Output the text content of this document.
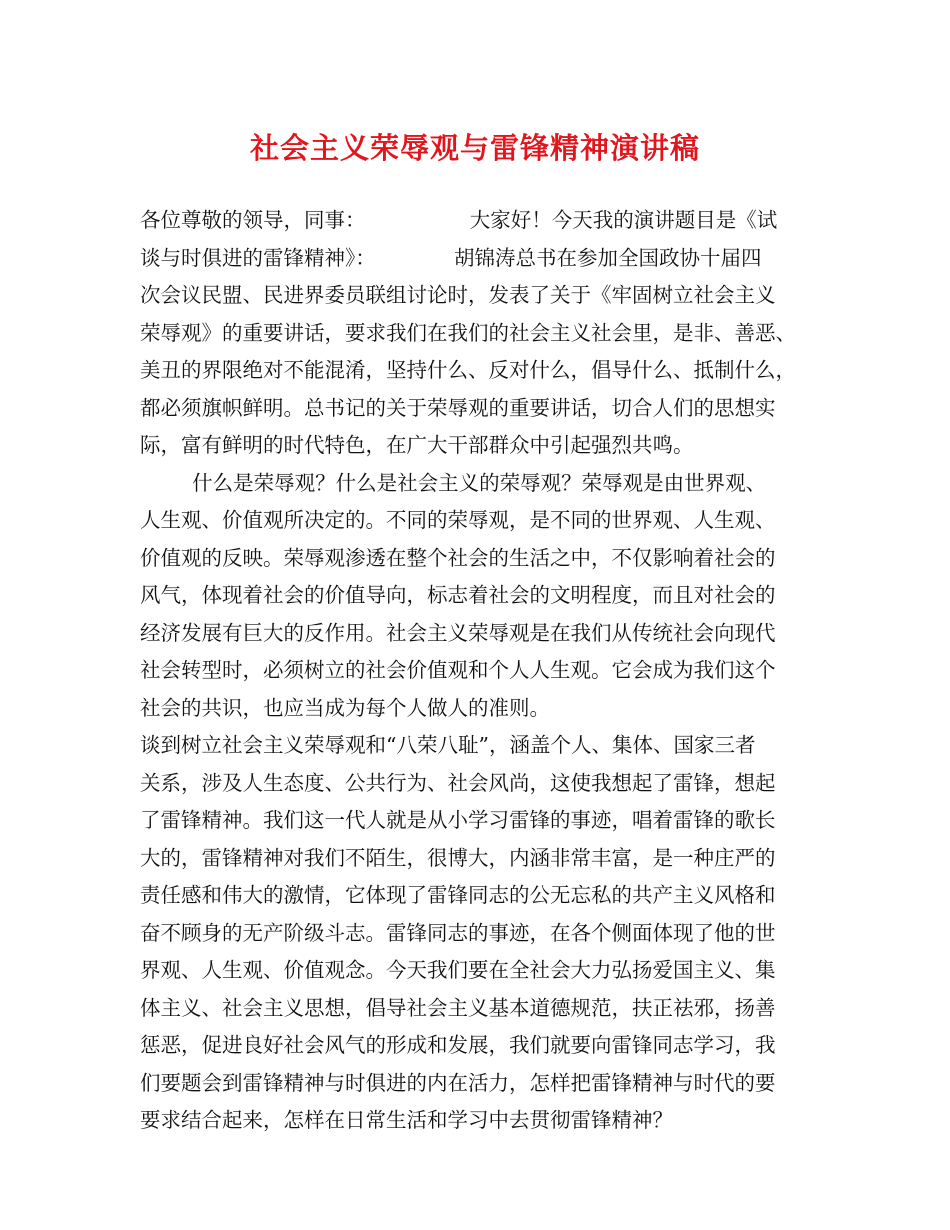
社会主义荣辱观与雷锋精神演讲稿
各位尊敬的领导，同事：                大家好！今天我的演讲题目是《试
谈与时俱进的雷锋精神》：            胡锦涛总书在参加全国政协十届四
次会议民盟、民进界委员联组讨论时，发表了关于《牢固树立社会主义
荣辱观》的重要讲话，要求我们在我们的社会主义社会里，是非、善恶、
美丑的界限绝对不能混淆，坚持什么、反对什么，倡导什么、抵制什么，
都必须旗帜鲜明。总书记的关于荣辱观的重要讲话，切合人们的思想实
际，富有鲜明的时代特色，在广大干部群众中引起强烈共鸣。
什么是荣辱观？什么是社会主义的荣辱观？荣辱观是由世界观、
人生观、价值观所决定的。不同的荣辱观，是不同的世界观、人生观、
价值观的反映。荣辱观渗透在整个社会的生活之中，不仅影响着社会的
风气，体现着社会的价值导向，标志着社会的文明程度，而且对社会的
经济发展有巨大的反作用。社会主义荣辱观是在我们从传统社会向现代
社会转型时，必须树立的社会价值观和个人人生观。它会成为我们这个
社会的共识，也应当成为每个人做人的准则。
谈到树立社会主义荣辱观和“八荣八耻”，涵盖个人、集体、国家三者
关系，涉及人生态度、公共行为、社会风尚，这使我想起了雷锋，想起
了雷锋精神。我们这一代人就是从小学习雷锋的事迹，唱着雷锋的歌长
大的，雷锋精神对我们不陌生，很博大，内涵非常丰富，是一种庄严的
责任感和伟大的激情，它体现了雷锋同志的公无忘私的共产主义风格和
奋不顾身的无产阶级斗志。雷锋同志的事迹，在各个侧面体现了他的世
界观、人生观、价值观念。今天我们要在全社会大力弘扬爱国主义、集
体主义、社会主义思想，倡导社会主义基本道德规范，扶正祛邪，扬善
惩恶，促进良好社会风气的形成和发展，我们就要向雷锋同志学习，我
们要题会到雷锋精神与时俱进的内在活力，怎样把雷锋精神与时代的要
要求结合起来，怎样在日常生活和学习中去贯彻雷锋精神？
